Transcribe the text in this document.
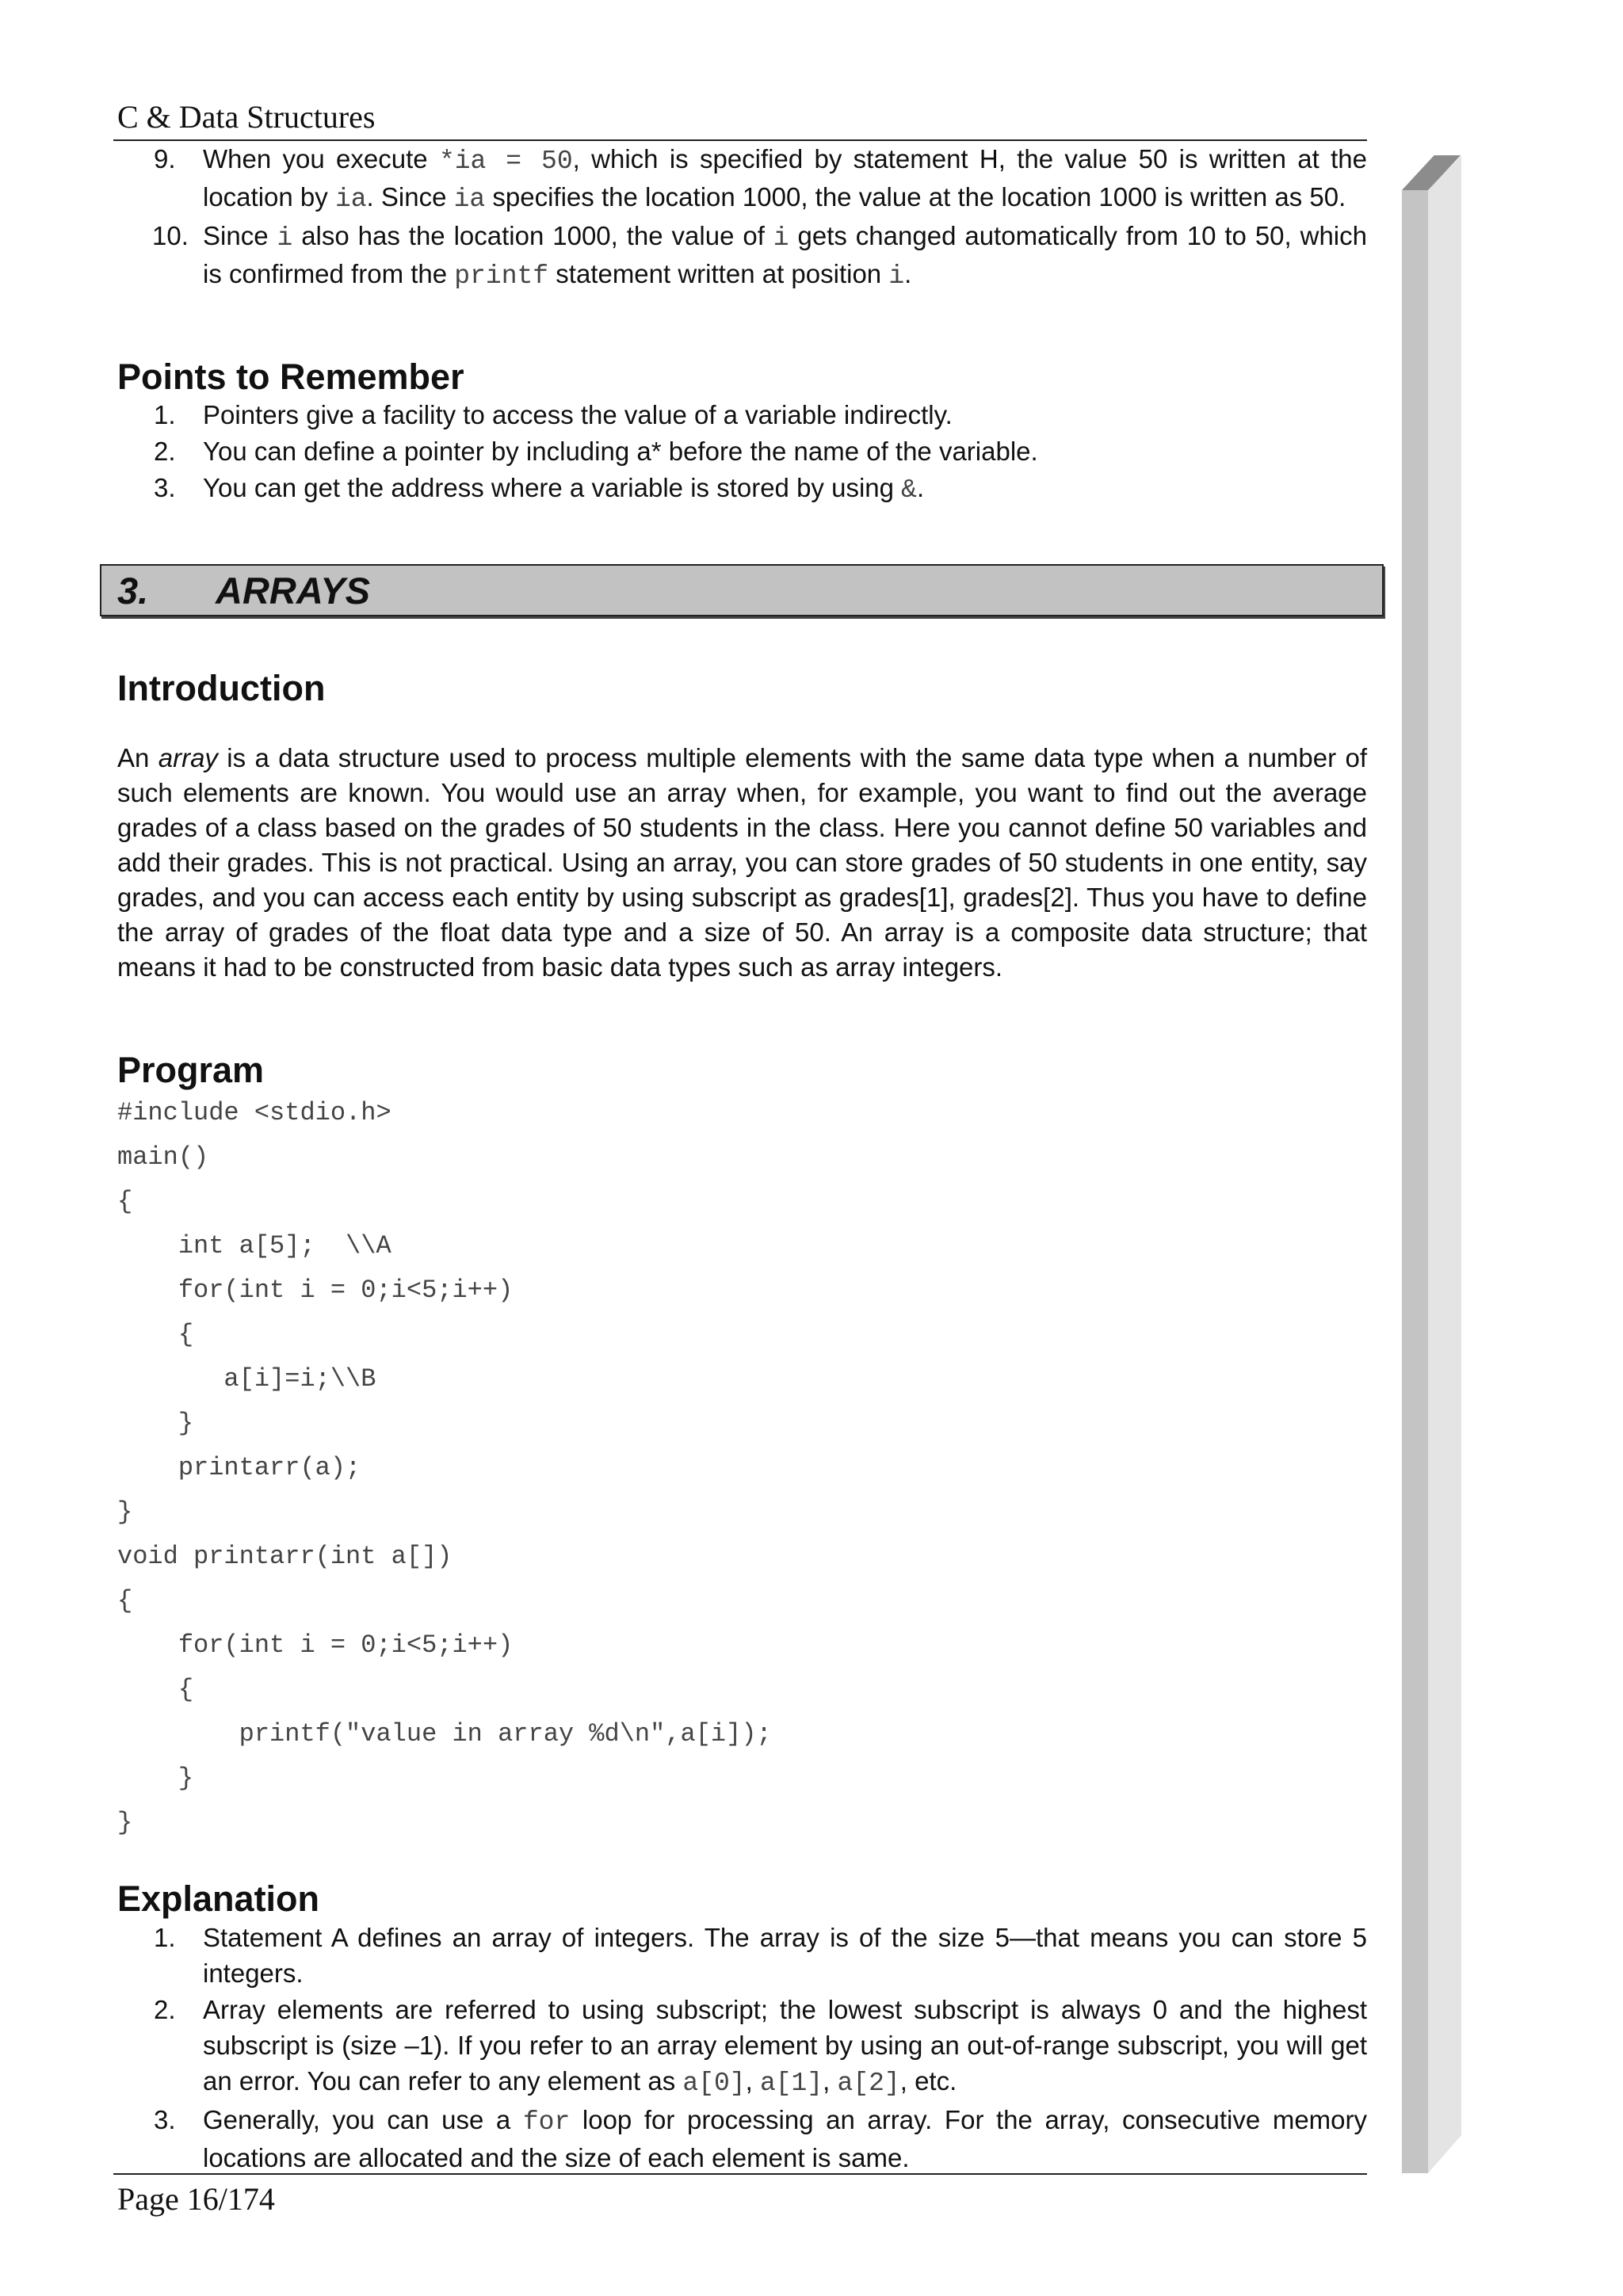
C & Data Structures
9. When you execute *ia = 50, which is specified by statement H, the value 50 is written at the location by ia. Since ia specifies the location 1000, the value at the location 1000 is written as 50.
10. Since i also has the location 1000, the value of i gets changed automatically from 10 to 50, which is confirmed from the printf statement written at position i.
Points to Remember
1. Pointers give a facility to access the value of a variable indirectly.
2. You can define a pointer by including a* before the name of the variable.
3. You can get the address where a variable is stored by using &.
3. ARRAYS
Introduction

An array is a data structure used to process multiple elements with the same data type when a number of such elements are known. You would use an array when, for example, you want to find out the average grades of a class based on the grades of 50 students in the class. Here you cannot define 50 variables and add their grades. This is not practical. Using an array, you can store grades of 50 students in one entity, say grades, and you can access each entity by using subscript as grades[1], grades[2]. Thus you have to define the array of grades of the float data type and a size of 50. An array is a composite data structure; that means it had to be constructed from basic data types such as array integers.

Program
#include <stdio.h>
main()
{
int a[5];  \\A
for(int i = 0;i<5;i++)
{
a[i]=i;\\B
}
printarr(a);
}
void printarr(int a[])
{
for(int i = 0;i<5;i++)
{
printf("value in array %d\n",a[i]);
}
}
Explanation
1. Statement A defines an array of integers. The array is of the size 5—that means you can store 5 integers.
2. Array elements are referred to using subscript; the lowest subscript is always 0 and the highest subscript is (size –1). If you refer to an array element by using an out-of-range subscript, you will get an error. You can refer to any element as a[0], a[1], a[2], etc.
3. Generally, you can use a for loop for processing an array. For the array, consecutive memory locations are allocated and the size of each element is same.
Page 16/174
